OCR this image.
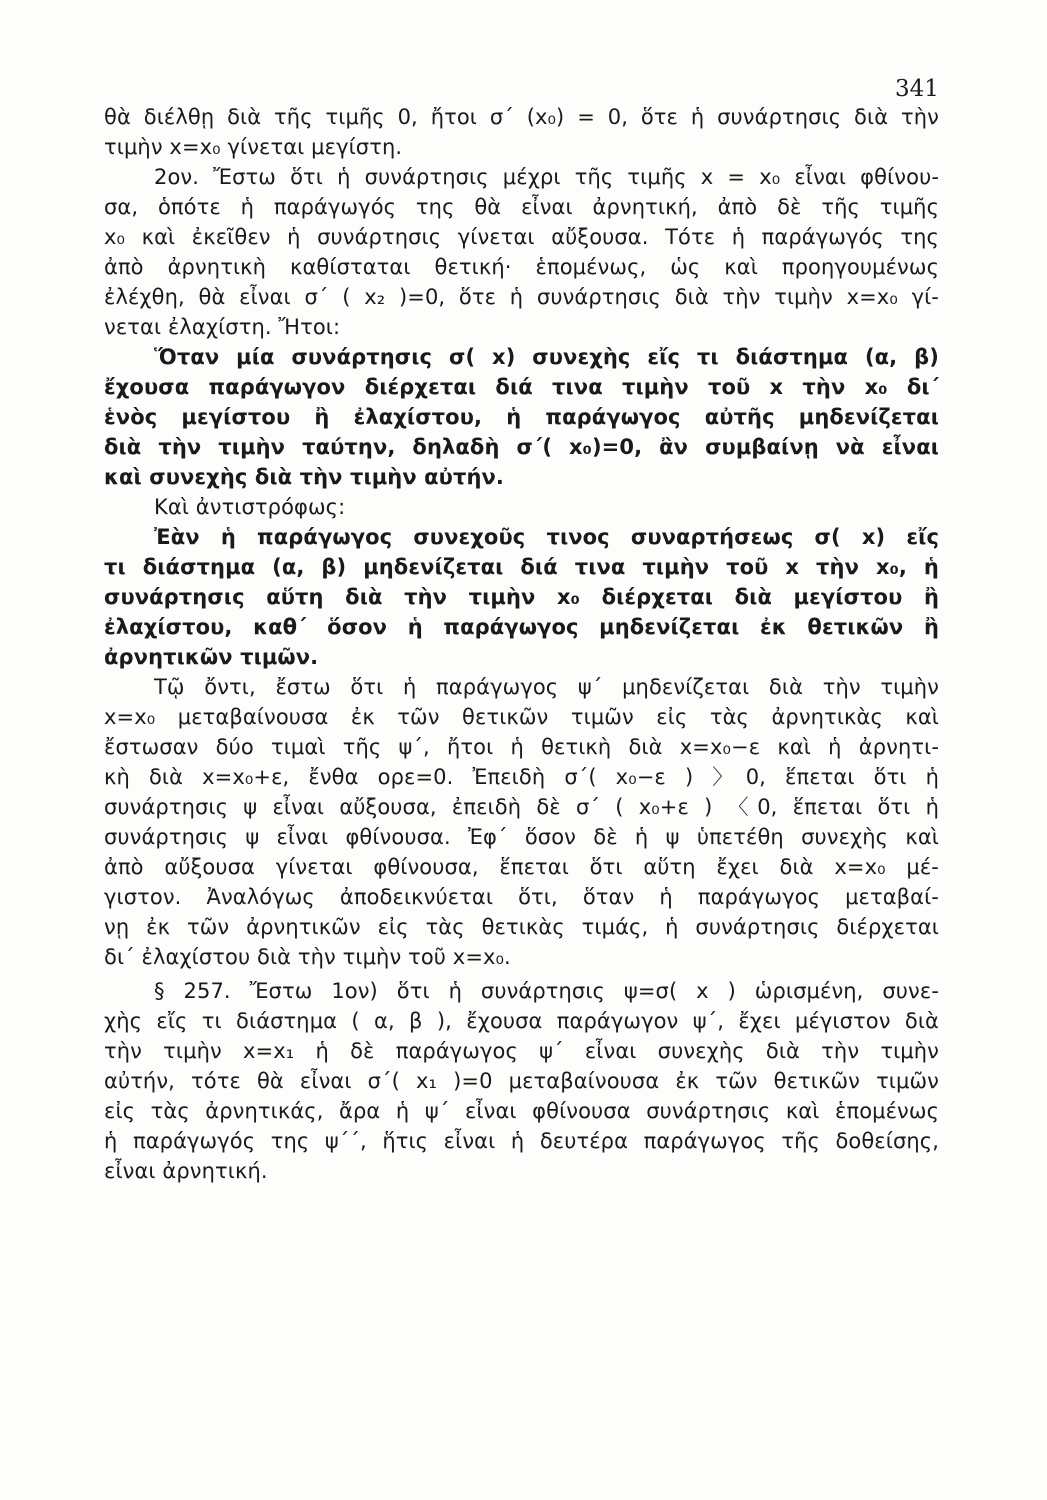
341
θὰ διέλθῃ διὰ τῆς τιμῆς 0, ἤτοι σ΄ (x₀) = 0, ὅτε ἡ συνάρτησις διὰ τὴν
τιμὴν x=x₀ γίνεται μεγίστη.
2ον. Ἔστω ὅτι ἡ συνάρτησις μέχρι τῆς τιμῆς x = x₀ εἶναι φθίνου-
σα, ὁπότε ἡ παράγωγός της θὰ εἶναι ἀρνητική, ἀπὸ δὲ τῆς τιμῆς
x₀ καὶ ἐκεῖθεν ἡ συνάρτησις γίνεται αὔξουσα. Τότε ἡ παράγωγός της
ἀπὸ ἀρνητικὴ καθίσταται θετική· ἑπομένως, ὡς καὶ προηγουμένως
ἐλέχθη, θὰ εἶναι σ΄ ( x₂ )=0, ὅτε ἡ συνάρτησις διὰ τὴν τιμὴν x=x₀ γί-
νεται ἐλαχίστη. Ἤτοι:
Ὅταν μία συνάρτησις σ( x) συνεχὴς εἴς τι διάστημα (α, β)
ἔχουσα παράγωγον διέρχεται διά τινα τιμὴν τοῦ x τὴν x₀ δι΄
ἑνὸς μεγίστου ἢ ἐλαχίστου, ἡ παράγωγος αὐτῆς μηδενίζεται
διὰ τὴν τιμὴν ταύτην, δηλαδὴ σ΄( x₀)=0, ἂν συμβαίνῃ νὰ εἶναι
καὶ συνεχὴς διὰ τὴν τιμὴν αὐτήν.
Καὶ ἀντιστρόφως:
Ἐὰν ἡ παράγωγος συνεχοῦς τινος συναρτήσεως σ( x) εἴς
τι διάστημα (α, β) μηδενίζεται διά τινα τιμὴν τοῦ x τὴν x₀, ἡ
συνάρτησις αὕτη διὰ τὴν τιμὴν x₀ διέρχεται διὰ μεγίστου ἢ
ἐλαχίστου, καθ΄ ὅσον ἡ παράγωγος μηδενίζεται ἐκ θετικῶν ἢ
ἀρνητικῶν τιμῶν.
Τῷ ὄντι, ἔστω ὅτι ἡ παράγωγος ψ΄ μηδενίζεται διὰ τὴν τιμὴν
x=x₀ μεταβαίνουσα ἐκ τῶν θετικῶν τιμῶν εἰς τὰς ἀρνητικὰς καὶ
ἔστωσαν δύο τιμαὶ τῆς ψ΄, ἤτοι ἡ θετικὴ διὰ x=x₀−ε καὶ ἡ ἀρνητι-
κὴ διὰ x=x₀+ε, ἔνθα ορε=0. Ἐπειδὴ σ΄( x₀−ε ) 〉0, ἕπεται ὅτι ἡ
συνάρτησις ψ εἶναι αὔξουσα, ἐπειδὴ δὲ σ΄ ( x₀+ε ) 〈0, ἕπεται ὅτι ἡ
συνάρτησις ψ εἶναι φθίνουσα. Ἐφ΄ ὅσον δὲ ἡ ψ ὑπετέθη συνεχὴς καὶ
ἀπὸ αὔξουσα γίνεται φθίνουσα, ἕπεται ὅτι αὕτη ἔχει διὰ x=x₀ μέ-
γιστον. Ἀναλόγως ἀποδεικνύεται ὅτι, ὅταν ἡ παράγωγος μεταβαί-
νῃ ἐκ τῶν ἀρνητικῶν εἰς τὰς θετικὰς τιμάς, ἡ συνάρτησις διέρχεται
δι΄ ἐλαχίστου διὰ τὴν τιμὴν τοῦ x=x₀.
§ 257. Ἔστω 1ον) ὅτι ἡ συνάρτησις ψ=σ( x ) ὡρισμένη, συνε-
χὴς εἴς τι διάστημα ( α, β ), ἔχουσα παράγωγον ψ΄, ἔχει μέγιστον διὰ
τὴν τιμὴν x=x₁ ἡ δὲ παράγωγος ψ΄ εἶναι συνεχὴς διὰ τὴν τιμὴν
αὐτήν, τότε θὰ εἶναι σ΄( x₁ )=0 μεταβαίνουσα ἐκ τῶν θετικῶν τιμῶν
εἰς τὰς ἀρνητικάς, ἄρα ἡ ψ΄ εἶναι φθίνουσα συνάρτησις καὶ ἑπομένως
ἡ παράγωγός της ψ΄΄, ἥτις εἶναι ἡ δευτέρα παράγωγος τῆς δοθείσης,
εἶναι ἀρνητική.
